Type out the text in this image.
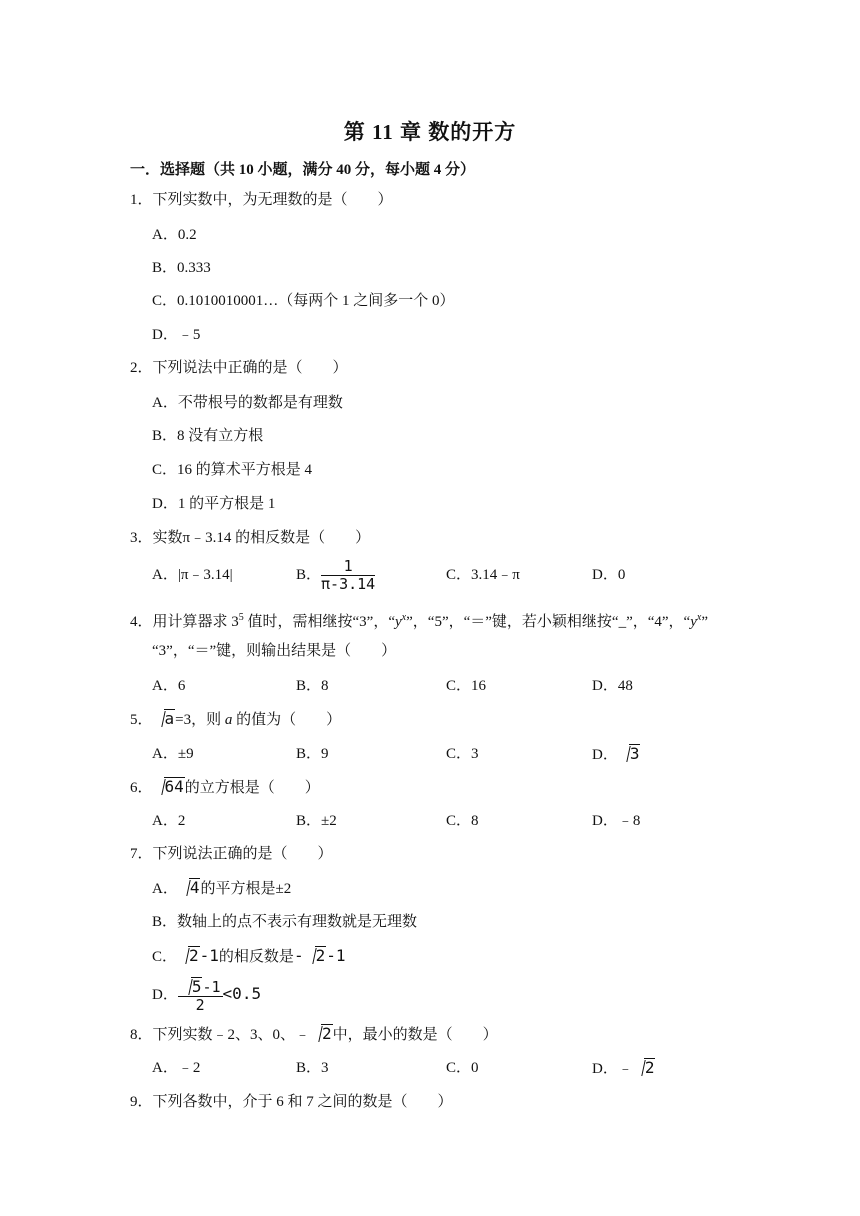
第 11 章 数的开方
一．选择题（共 10 小题，满分 40 分，每小题 4 分）
1．下列实数中，为无理数的是（　　）
A．0.2
B．0.333
C．0.1010010001…（每两个 1 之间多一个 0）
D．﹣5
2．下列说法中正确的是（　　）
A．不带根号的数都是有理数
B．8 没有立方根
C．16 的算术平方根是 4
D．1 的平方根是 1
3．实数π﹣3.14 的相反数是（　　）
A．|π﹣3.14|	B． $\frac{1}{\pi-3.14}$	C．3.14﹣π	D．0
4．用计算器求 $3^5$ 值时，需相继按“3”，“$y^x$”，“5”，“＝”键，若小颖相继按“_”，“4”，“$y^x$”
“3”，“＝”键，则输出结果是（　　）
A．6	B．8	C．16	D．48
5． a=3，则 a 的值为（　　）
A．±9	B．9	C．3	D． 3
6． 64的立方根是（　　）
A．2	B．±2	C．8	D．﹣8
7．下列说法正确的是（　　）
A． 4的平方根是±2
B．数轴上的点不表示有理数就是无理数
C． 2-1的相反数是- 2-1
D． $\frac{5-1}{2} <0.5$
8．下列实数﹣2、3、0、﹣ 2中，最小的数是（　　）
A．﹣2	B．3	C．0	D．﹣ 2
9．下列各数中，介于 6 和 7 之间的数是（　　）
